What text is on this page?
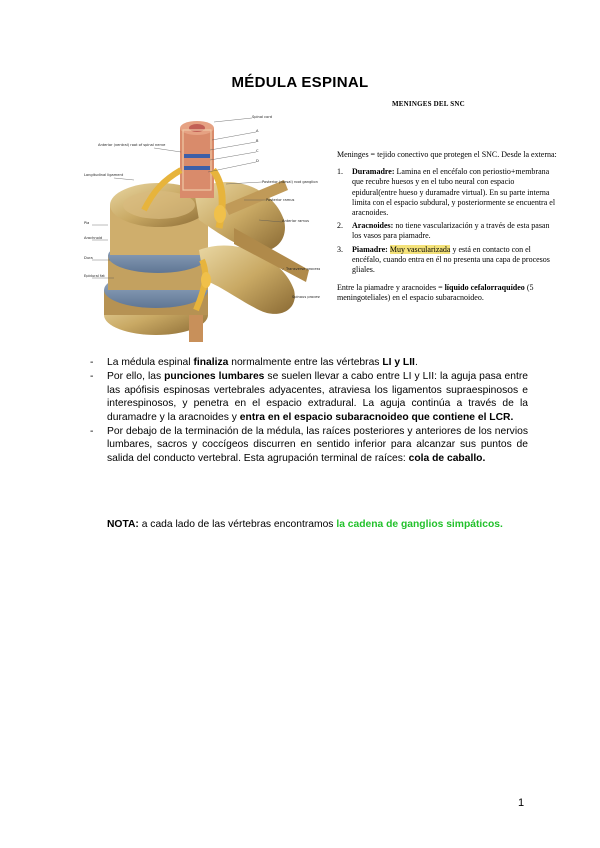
MÉDULA ESPINAL
Spinal cord
A
B
C
D
Anterior (ventral) root of spinal nerve
Longitudinal ligament
Posterior (dorsal) root ganglion
Posterior ramus
Anterior ramus
Transverse process
Spinous process
Pia
Arachnoid
Dura
Epidural fat
MENINGES DEL SNC

Meninges = tejido conectivo que protegen el SNC. Desde la externa:

1. Duramadre: Lamina en el encéfalo con periostio+membrana que recubre huesos y en el tubo neural con espacio epidural(entre hueso y duramadre virtual). En su parte interna limita con el espacio subdural, y posteriormente se encuentra el aracnoides.
2. Aracnoides: no tiene vascularización y a través de esta pasan los vasos para piamadre.
3. Piamadre: Muy vascularizada y está en contacto con el encéfalo, cuando entra en él no presenta una capa de procesos gliales.

Entre la piamadre y aracnoides = líquido cefalorraquídeo (5 meningoteliales) en el espacio subaracnoideo.

- La médula espinal finaliza normalmente entre las vértebras LI y LII.
- Por ello, las punciones lumbares se suelen llevar a cabo entre LI y LII: la aguja pasa entre las apófisis espinosas vertebrales adyacentes, atraviesa los ligamentos supraespinosos e interespinosos, y penetra en el espacio extradural. La aguja continúa a través de la duramadre y la aracnoides y entra en el espacio subaracnoideo que contiene el LCR.
- Por debajo de la terminación de la médula, las raíces posteriores y anteriores de los nervios lumbares, sacros y coccígeos discurren en sentido inferior para alcanzar sus puntos de salida del conducto vertebral. Esta agrupación terminal de raíces: cola de caballo.
NOTA: a cada lado de las vértebras encontramos la cadena de ganglios simpáticos.
1
